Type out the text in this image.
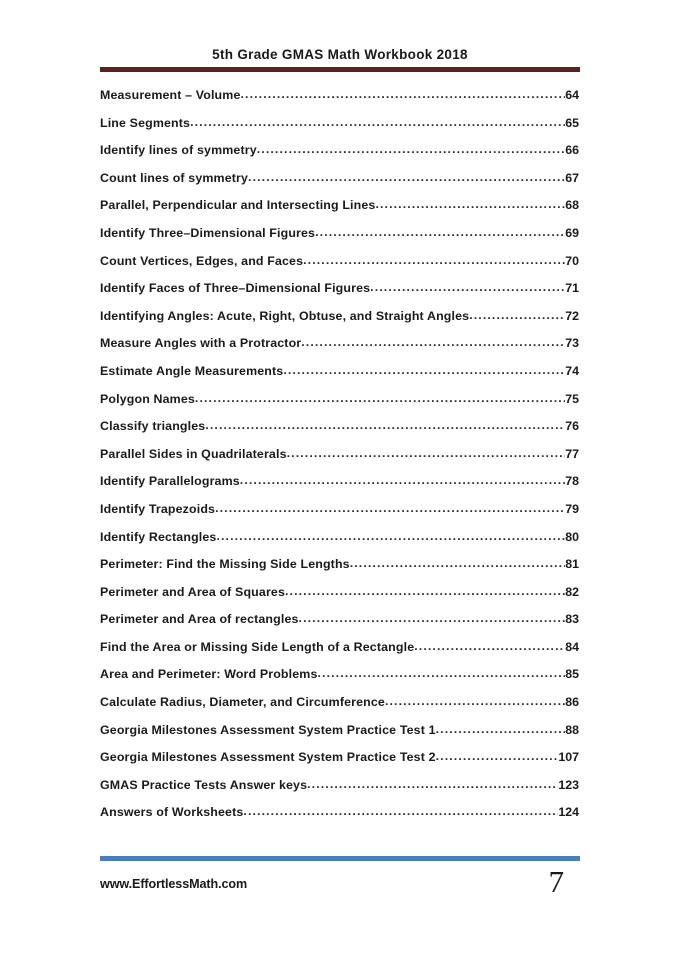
5th Grade GMAS Math Workbook 2018
Measurement – Volume .....	64
Line Segments .....	65
Identify lines of symmetry .....	66
Count lines of symmetry .....	67
Parallel, Perpendicular and Intersecting Lines .....	68
Identify Three–Dimensional Figures .....	69
Count Vertices, Edges, and Faces .....	70
Identify Faces of Three–Dimensional Figures .....	71
Identifying Angles: Acute, Right, Obtuse, and Straight Angles .....	72
Measure Angles with a Protractor .....	73
Estimate Angle Measurements .....	74
Polygon Names .....	75
Classify triangles .....	76
Parallel Sides in Quadrilaterals .....	77
Identify Parallelograms .....	78
Identify Trapezoids .....	79
Identify Rectangles .....	80
Perimeter: Find the Missing Side Lengths .....	81
Perimeter and Area of Squares .....	82
Perimeter and Area of rectangles .....	83
Find the Area or Missing Side Length of a Rectangle .....	84
Area and Perimeter: Word Problems .....	85
Calculate Radius, Diameter, and Circumference .....	86
Georgia Milestones Assessment System Practice Test 1 .....	88
Georgia Milestones Assessment System Practice Test 2 .....	107
GMAS Practice Tests Answer keys .....	123
Answers of Worksheets .....	124
www.EffortlessMath.com	7
